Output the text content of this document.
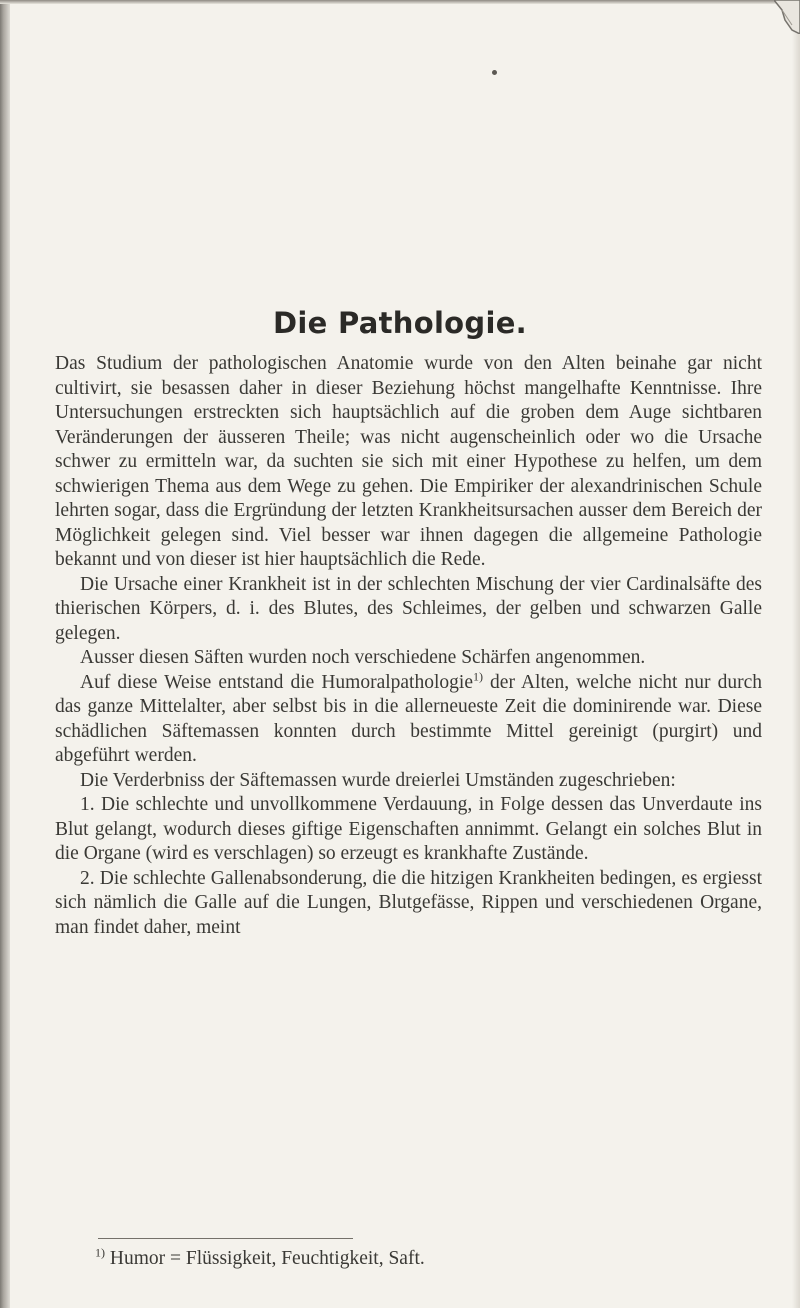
Die Pathologie.

Das Studium der pathologischen Anatomie wurde von den Alten beinahe gar nicht cultivirt, sie besassen daher in dieser Beziehung höchst mangelhafte Kenntnisse. Ihre Untersuchungen erstreckten sich hauptsächlich auf die groben dem Auge sichtbaren Veränderungen der äusseren Theile; was nicht augenscheinlich oder wo die Ursache schwer zu ermitteln war, da suchten sie sich mit einer Hypothese zu helfen, um dem schwierigen Thema aus dem Wege zu gehen. Die Empiriker der alexandrinischen Schule lehrten sogar, dass die Ergründung der letzten Krankheitsursachen ausser dem Bereich der Möglichkeit gelegen sind. Viel besser war ihnen dagegen die allgemeine Pathologie bekannt und von dieser ist hier hauptsächlich die Rede.

Die Ursache einer Krankheit ist in der schlechten Mischung der vier Cardinalsäfte des thierischen Körpers, d. i. des Blutes, des Schleimes, der gelben und schwarzen Galle gelegen.

Ausser diesen Säften wurden noch verschiedene Schärfen angenommen.

Auf diese Weise entstand die Humoralpathologie$^{1)}$ der Alten, welche nicht nur durch das ganze Mittelalter, aber selbst bis in die allerneueste Zeit die dominirende war. Diese schädlichen Säftemassen konnten durch bestimmte Mittel gereinigt (purgirt) und abgeführt werden.

Die Verderbniss der Säftemassen wurde dreierlei Umständen zugeschrieben:

1. Die schlechte und unvollkommene Verdauung, in Folge dessen das Unverdaute ins Blut gelangt, wodurch dieses giftige Eigenschaften annimmt. Gelangt ein solches Blut in die Organe (wird es verschlagen) so erzeugt es krankhafte Zustände.

2. Die schlechte Gallenabsonderung, die die hitzigen Krankheiten bedingen, es ergiesst sich nämlich die Galle auf die Lungen, Blutgefässe, Rippen und verschiedenen Organe, man findet daher, meint

$^{1)}$ Humor = Flüssigkeit, Feuchtigkeit, Saft.
